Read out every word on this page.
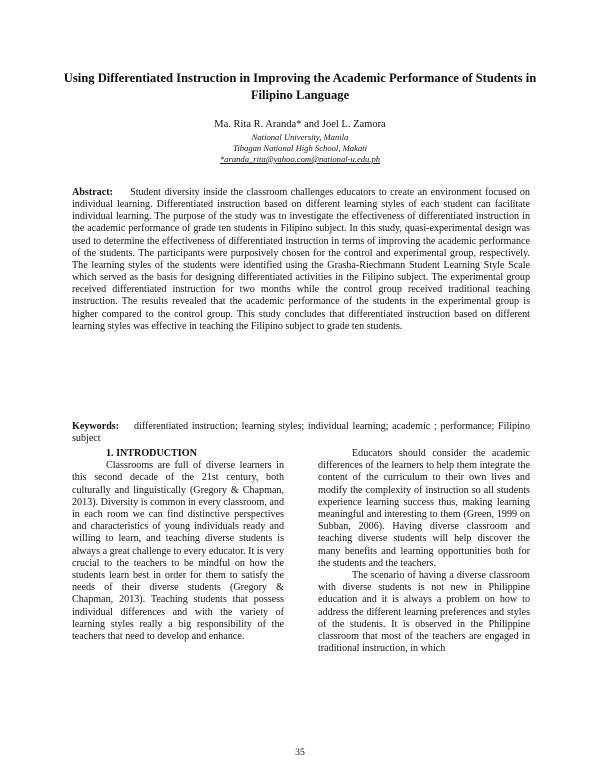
Using Differentiated Instruction in Improving the Academic Performance of Students in Filipino Language
Ma. Rita R. Aranda* and Joel L. Zamora
National University, Manila
Tibagan National High School, Makati
*aranda_rita@yahoo.com@national-u.edu.ph
Abstract: Student diversity inside the classroom challenges educators to create an environment focused on individual learning. Differentiated instruction based on different learning styles of each student can facilitate individual learning. The purpose of the study was to investigate the effectiveness of differentiated instruction in the academic performance of grade ten students in Filipino subject. In this study, quasi-experimental design was used to determine the effectiveness of differentiated instruction in terms of improving the academic performance of the students. The participants were purposively chosen for the control and experimental group, respectively. The learning styles of the students were identified using the Grasha-Riechmann Student Learning Style Scale which served as the basis for designing differentiated activities in the Filipino subject. The experimental group received differentiated instruction for two months while the control group received traditional teaching instruction. The results revealed that the academic performance of the students in the experimental group is higher compared to the control group. This study concludes that differentiated instruction based on different learning styles was effective in teaching the Filipino subject to grade ten students.
Keywords: differentiated instruction; learning styles; individual learning; academic ; performance; Filipino subject

1. INTRODUCTION

Classrooms are full of diverse learners in this second decade of the 21st century, both culturally and linguistically (Gregory & Chapman, 2013). Diversity is common in every classroom, and in each room we can find distinctive perspectives and characteristics of young individuals ready and willing to learn, and teaching diverse students is always a great challenge to every educator. It is very crucial to the teachers to be mindful on how the students learn best in order for them to satisfy the needs of their diverse students (Gregory & Chapman, 2013). Teaching students that possess individual differences and with the variety of learning styles really a big responsibility of the teachers that need to develop and enhance.

Educators should consider the academic differences of the learners to help them integrate the content of the curriculum to their own lives and modify the complexity of instruction so all students experience learning success thus, making learning meaningful and interesting to them (Green, 1999 on Subban, 2006). Having diverse classroom and teaching diverse students will help discover the many benefits and learning opportunities both for the students and the teachers.

The scenario of having a diverse classroom with diverse students is not new in Philippine education and it is always a problem on how to address the different learning preferences and styles of the students. It is observed in the Philippine classroom that most of the teachers are engaged in traditional instruction, in which

35
